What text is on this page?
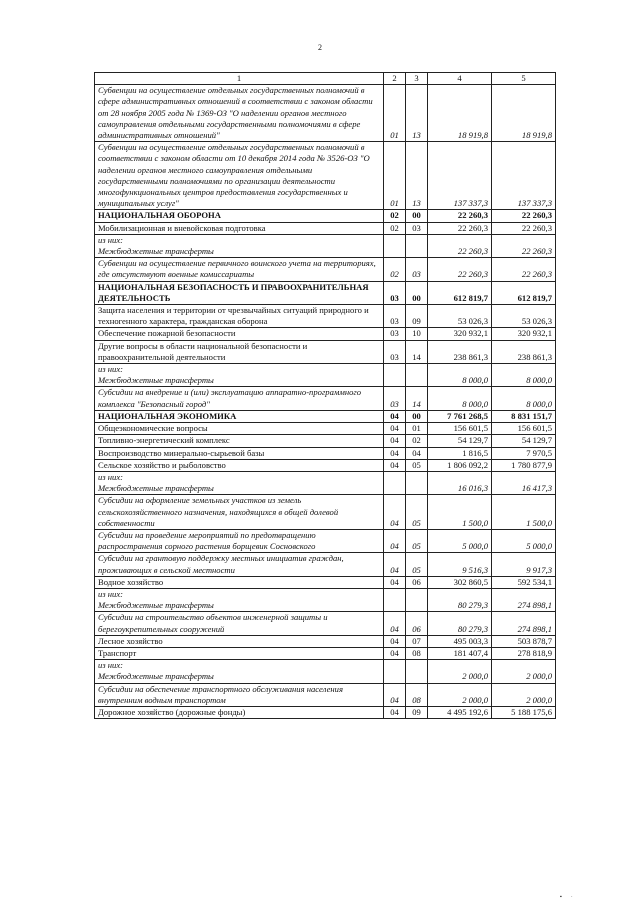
2
1	2	3	4	5
Субвенции на осуществление отдельных государственных полномочий в сфере административных отношений в соответствии с законом области от 28 ноября 2005 года № 1369-ОЗ "О наделении органов местного самоуправления отдельными государственными полномочиями в сфере административных отношений"	01	13	18 919,8	18 919,8
Субвенции на осуществление отдельных государственных полномочий в соответствии с законом области от 10 декабря 2014 года № 3526-ОЗ "О наделении органов местного самоуправления отдельными государственными полномочиями по организации деятельности многофункциональных центров предоставления государственных и муниципальных услуг"	01	13	137 337,3	137 337,3
НАЦИОНАЛЬНАЯ ОБОРОНА	02	00	22 260,3	22 260,3
Мобилизационная и вневойсковая подготовка	02	03	22 260,3	22 260,3
из них:
Межбюджетные трансферты			22 260,3	22 260,3
Субвенции на осуществление первичного воинского учета на территориях, где отсутствуют военные комиссариаты	02	03	22 260,3	22 260,3
НАЦИОНАЛЬНАЯ БЕЗОПАСНОСТЬ И ПРАВООХРАНИТЕЛЬНАЯ ДЕЯТЕЛЬНОСТЬ	03	00	612 819,7	612 819,7
Защита населения и территории от чрезвычайных ситуаций природного и техногенного характера, гражданская оборона	03	09	53 026,3	53 026,3
Обеспечение пожарной безопасности	03	10	320 932,1	320 932,1
Другие вопросы в области национальной безопасности и правоохранительной деятельности	03	14	238 861,3	238 861,3
из них:
Межбюджетные трансферты			8 000,0	8 000,0
Субсидии на внедрение и (или) эксплуатацию аппаратно-программного комплекса "Безопасный город"	03	14	8 000,0	8 000,0
НАЦИОНАЛЬНАЯ ЭКОНОМИКА	04	00	7 761 268,5	8 831 151,7
Общеэкономические вопросы	04	01	156 601,5	156 601,5
Топливно-энергетический комплекс	04	02	54 129,7	54 129,7
Воспроизводство минерально-сырьевой базы	04	04	1 816,5	7 970,5
Сельское хозяйство и рыболовство	04	05	1 806 092,2	1 780 877,9
из них:
Межбюджетные трансферты			16 016,3	16 417,3
Субсидии на оформление земельных участков из земель сельскохозяйственного назначения, находящихся в общей долевой собственности	04	05	1 500,0	1 500,0
Субсидии на проведение мероприятий по предотвращению распространения сорного растения борщевик Сосновского	04	05	5 000,0	5 000,0
Субсидии на грантовую поддержку местных инициатив граждан, проживающих в сельской местности	04	05	9 516,3	9 917,3
Водное хозяйство	04	06	302 860,5	592 534,1
из них:
Межбюджетные трансферты			80 279,3	274 898,1
Субсидии на строительство объектов инженерной защиты и берегоукрепительных сооружений	04	06	80 279,3	274 898,1
Лесное хозяйство	04	07	495 003,3	503 878,7
Транспорт	04	08	181 407,4	278 818,9
из них:
Межбюджетные трансферты			2 000,0	2 000,0
Субсидии на обеспечение транспортного обслуживания населения внутренним водным транспортом	04	08	2 000,0	2 000,0
Дорожное хозяйство (дорожные фонды)	04	09	4 495 192,6	5 188 175,6
▪ ·
